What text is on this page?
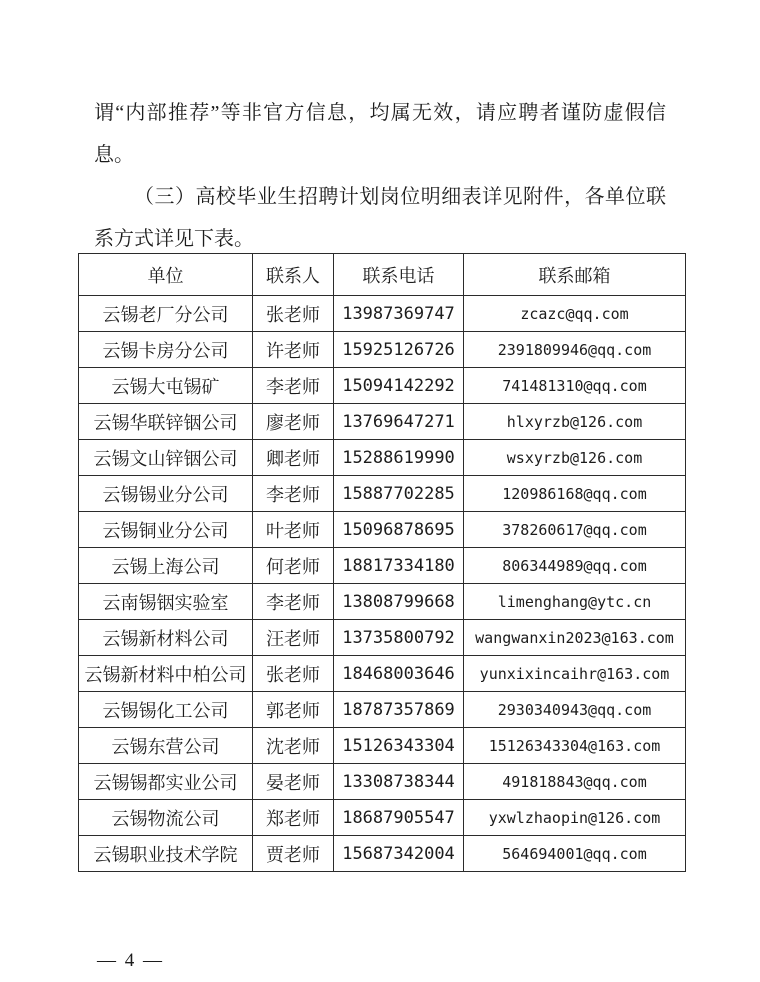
谓“内部推荐”等非官方信息，均属无效，请应聘者谨防虚假信息。

（三）高校毕业生招聘计划岗位明细表详见附件，各单位联系方式详见下表。

单位	联系人	联系电话	联系邮箱
云锡老厂分公司	张老师	13987369747	zcazc@qq.com
云锡卡房分公司	许老师	15925126726	2391809946@qq.com
云锡大屯锡矿	李老师	15094142292	741481310@qq.com
云锡华联锌铟公司	廖老师	13769647271	hlxyrzb@126.com
云锡文山锌铟公司	卿老师	15288619990	wsxyrzb@126.com
云锡锡业分公司	李老师	15887702285	120986168@qq.com
云锡铜业分公司	叶老师	15096878695	378260617@qq.com
云锡上海公司	何老师	18817334180	806344989@qq.com
云南锡铟实验室	李老师	13808799668	limenghang@ytc.cn
云锡新材料公司	汪老师	13735800792	wangwanxin2023@163.com
云锡新材料中柏公司	张老师	18468003646	yunxixincaihr@163.com
云锡锡化工公司	郭老师	18787357869	2930340943@qq.com
云锡东营公司	沈老师	15126343304	15126343304@163.com
云锡锡都实业公司	晏老师	13308738344	491818843@qq.com
云锡物流公司	郑老师	18687905547	yxwlzhaopin@126.com
云锡职业技术学院	贾老师	15687342004	564694001@qq.com
— 4 —
